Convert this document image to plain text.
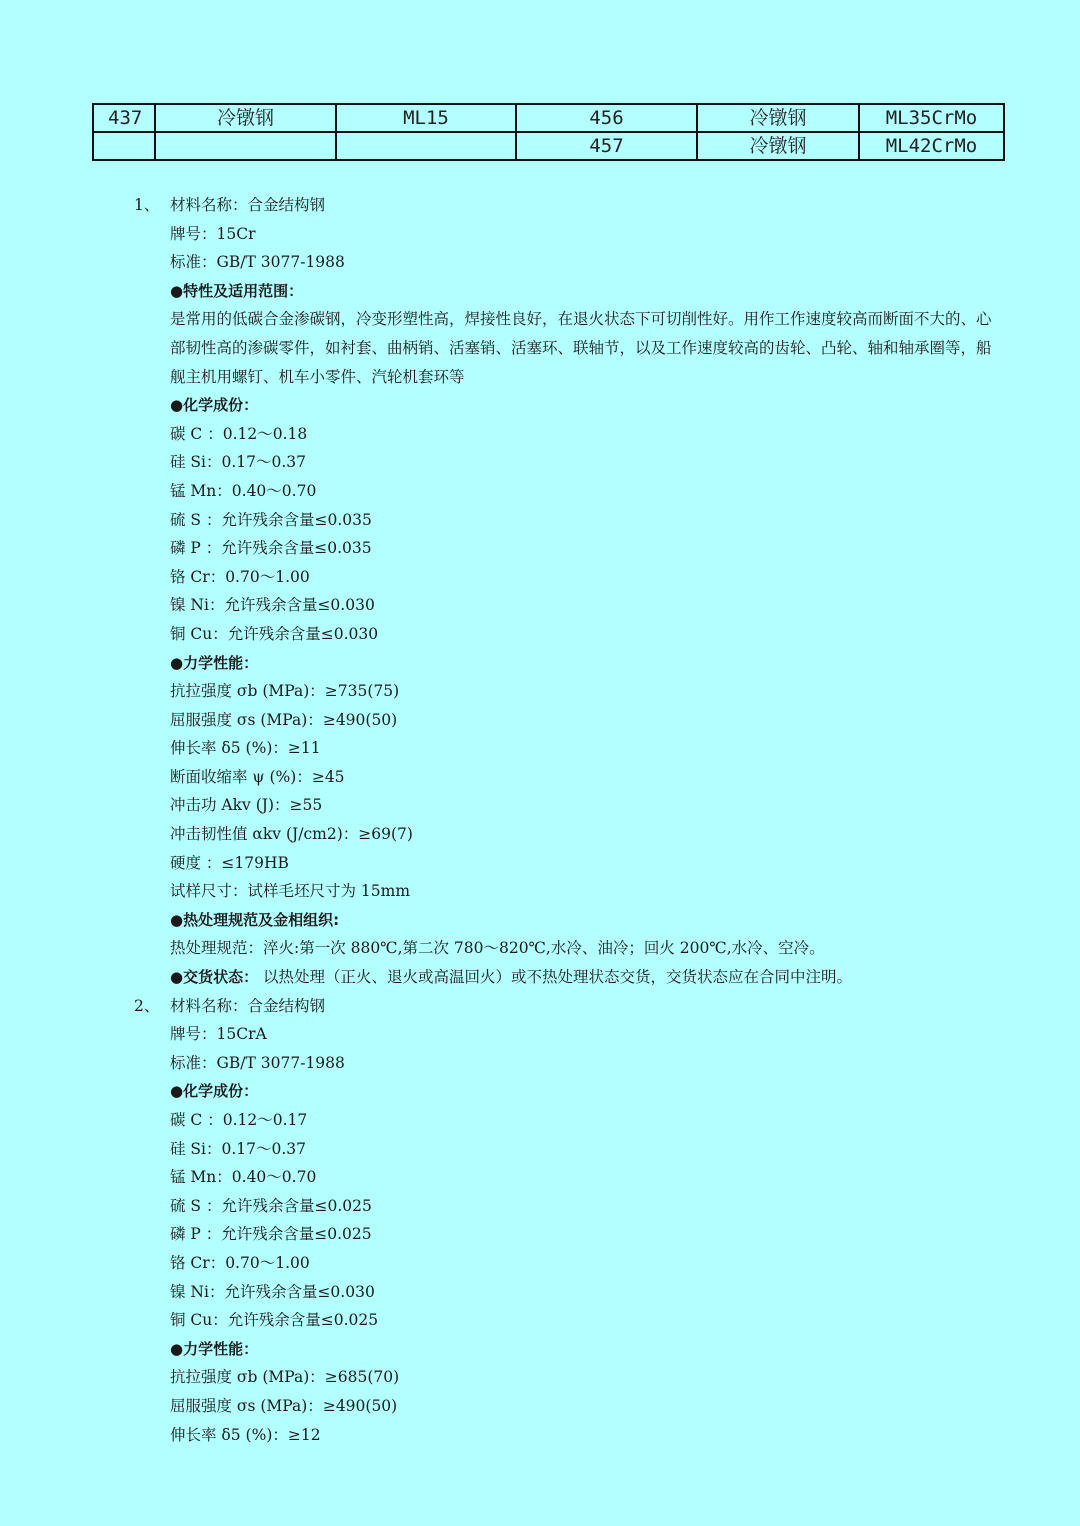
437	冷镦钢	ML15	456	冷镦钢	ML35CrMo
			457	冷镦钢	ML42CrMo
1、 材料名称：合金结构钢
牌号：15Cr
标准：GB/T 3077-1988
●特性及适用范围：
是常用的低碳合金渗碳钢，冷变形塑性高，焊接性良好，在退火状态下可切削性好。用作工作速度较高而断面不大的、心部韧性高的渗碳零件，如衬套、曲柄销、活塞销、活塞环、联轴节，以及工作速度较高的齿轮、凸轮、轴和轴承圈等，船舰主机用螺钉、机车小零件、汽轮机套环等
●化学成份：
碳 C ：0.12～0.18
硅 Si：0.17～0.37
锰 Mn：0.40～0.70
硫 S ：允许残余含量≤0.035
磷 P ：允许残余含量≤0.035
铬 Cr：0.70～1.00
镍 Ni：允许残余含量≤0.030
铜 Cu：允许残余含量≤0.030
●力学性能：
抗拉强度 σb (MPa)：≥735(75)
屈服强度 σs (MPa)：≥490(50)
伸长率 δ5 (%)：≥11
断面收缩率 ψ (%)：≥45
冲击功 Akv (J)：≥55
冲击韧性值 αkv (J/cm2)：≥69(7)
硬度 ：≤179HB
试样尺寸：试样毛坯尺寸为 15mm
●热处理规范及金相组织:
热处理规范：淬火:第一次 880℃,第二次 780～820℃,水冷、油冷；回火 200℃,水冷、空冷。
●交货状态： 以热处理（正火、退火或高温回火）或不热处理状态交货，交货状态应在合同中注明。
2、 材料名称：合金结构钢
牌号：15CrA
标准：GB/T 3077-1988
●化学成份：
碳 C ：0.12～0.17
硅 Si：0.17～0.37
锰 Mn：0.40～0.70
硫 S ：允许残余含量≤0.025
磷 P ：允许残余含量≤0.025
铬 Cr：0.70～1.00
镍 Ni：允许残余含量≤0.030
铜 Cu：允许残余含量≤0.025
●力学性能：
抗拉强度 σb (MPa)：≥685(70)
屈服强度 σs (MPa)：≥490(50)
伸长率 δ5 (%)：≥12
